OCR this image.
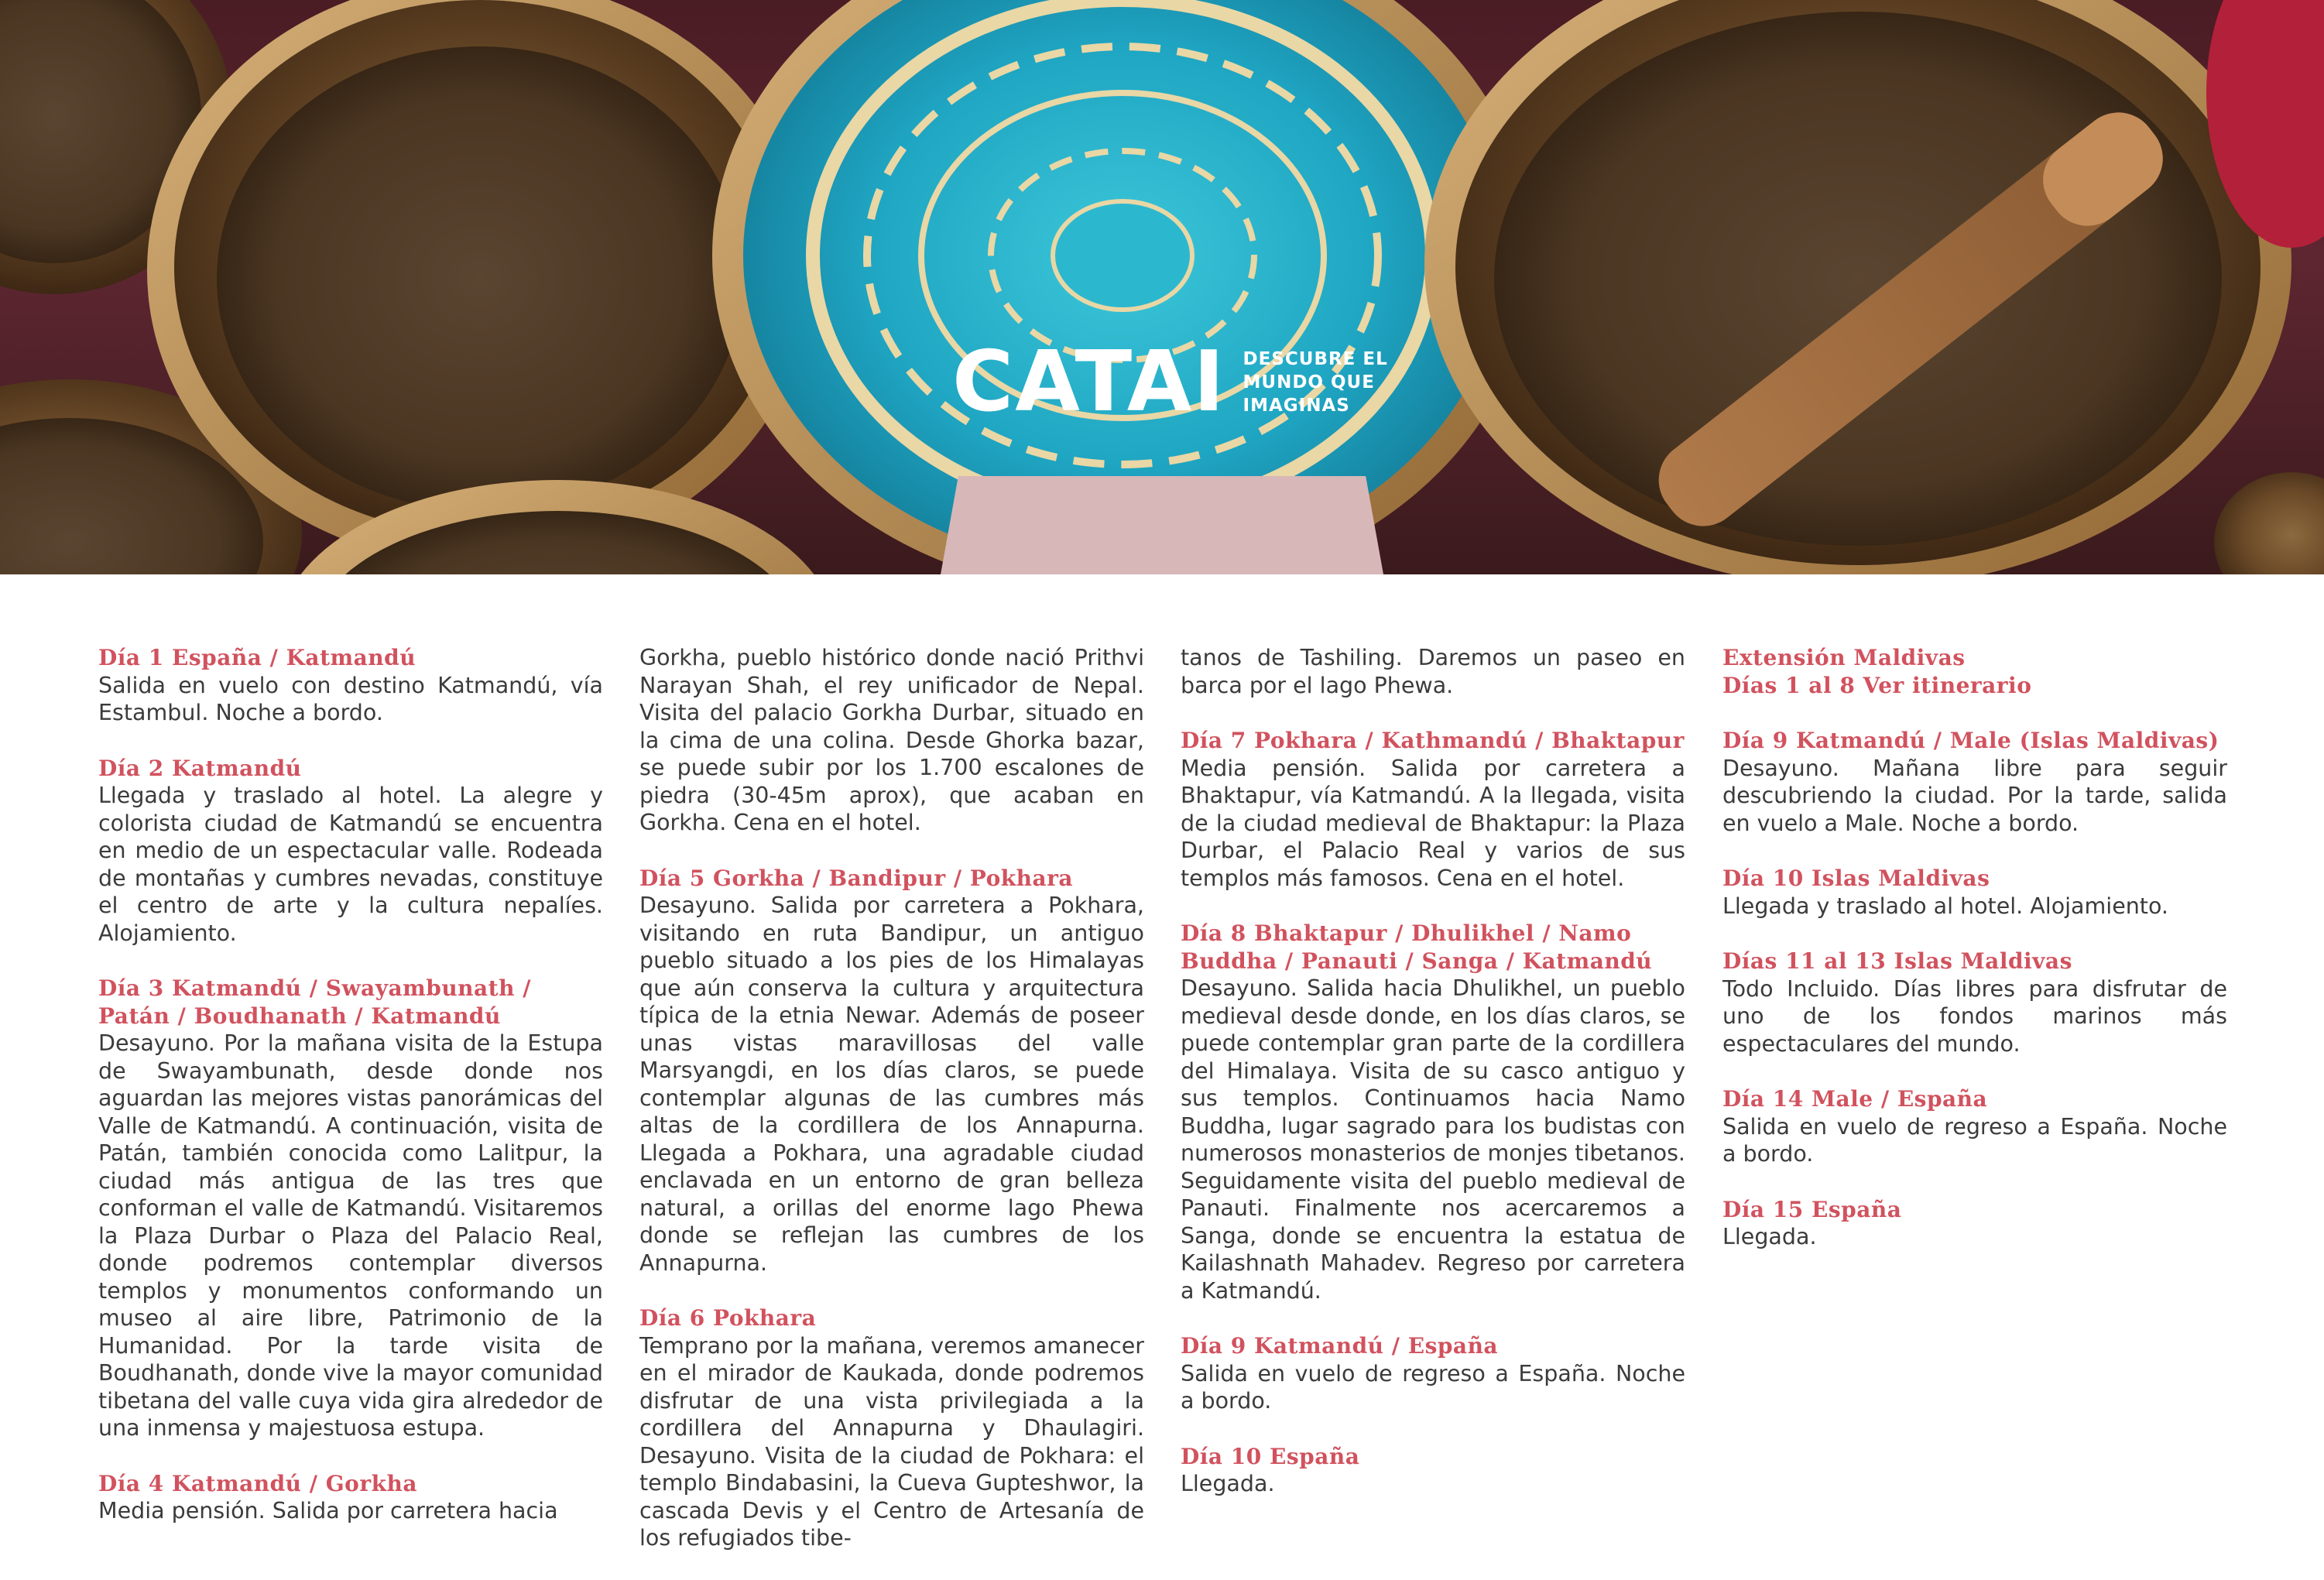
CATAI DESCUBRE EL MUNDO QUE IMAGINAS
Día 1 España / Katmandú

Salida en vuelo con destino Katmandú, vía Estambul. Noche a bordo.

Día 2 Katmandú

Llegada y traslado al hotel. La alegre y colorista ciudad de Katmandú se encuentra en medio de un espectacular valle. Rodeada de montañas y cumbres nevadas, constituye el centro de arte y la cultura nepalíes. Alojamiento.

Día 3 Katmandú / Swayambunath / Patán / Boudhanath / Katmandú

Desayuno. Por la mañana visita de la Estupa de Swayambunath, desde donde nos aguardan las mejores vistas panorámicas del Valle de Katmandú. A continuación, visita de Patán, también conocida como Lalitpur, la ciudad más antigua de las tres que conforman el valle de Katmandú. Visitaremos la Plaza Durbar o Plaza del Palacio Real, donde podremos contemplar diversos templos y monumentos conformando un museo al aire libre, Patrimonio de la Humanidad. Por la tarde visita de Boudhanath, donde vive la mayor comunidad tibetana del valle cuya vida gira alrededor de una inmensa y majestuosa estupa.

Día 4 Katmandú / Gorkha

Media pensión. Salida por carretera hacia

Gorkha, pueblo histórico donde nació Prithvi Narayan Shah, el rey unificador de Nepal. Visita del palacio Gorkha Durbar, situado en la cima de una colina. Desde Ghorka bazar, se puede subir por los 1.700 escalones de piedra (30-45m aprox), que acaban en Gorkha. Cena en el hotel.

Día 5 Gorkha / Bandipur / Pokhara

Desayuno. Salida por carretera a Pokhara, visitando en ruta Bandipur, un antiguo pueblo situado a los pies de los Himalayas que aún conserva la cultura y arquitectura típica de la etnia Newar. Además de poseer unas vistas maravillosas del valle Marsyangdi, en los días claros, se puede contemplar algunas de las cumbres más altas de la cordillera de los Annapurna. Llegada a Pokhara, una agradable ciudad enclavada en un entorno de gran belleza natural, a orillas del enorme lago Phewa donde se reflejan las cumbres de los Annapurna.

Día 6 Pokhara

Temprano por la mañana, veremos amanecer en el mirador de Kaukada, donde podremos disfrutar de una vista privilegiada a la cordillera del Annapurna y Dhaulagiri. Desayuno. Visita de la ciudad de Pokhara: el templo Bindabasini, la Cueva Gupteshwor, la cascada Devis y el Centro de Artesanía de los refugiados tibe-

tanos de Tashiling. Daremos un paseo en barca por el lago Phewa.

Día 7 Pokhara / Kathmandú / Bhaktapur

Media pensión. Salida por carretera a Bhaktapur, vía Katmandú. A la llegada, visita de la ciudad medieval de Bhaktapur: la Plaza Durbar, el Palacio Real y varios de sus templos más famosos. Cena en el hotel.

Día 8 Bhaktapur / Dhulikhel / Namo Buddha / Panauti / Sanga / Katmandú

Desayuno. Salida hacia Dhulikhel, un pueblo medieval desde donde, en los días claros, se puede contemplar gran parte de la cordillera del Himalaya. Visita de su casco antiguo y sus templos. Continuamos hacia Namo Buddha, lugar sagrado para los budistas con numerosos monasterios de monjes tibetanos. Seguidamente visita del pueblo medieval de Panauti. Finalmente nos acercaremos a Sanga, donde se encuentra la estatua de Kailashnath Mahadev. Regreso por carretera a Katmandú.

Día 9 Katmandú / España

Salida en vuelo de regreso a España. Noche a bordo.

Día 10 España

Llegada.

Extensión Maldivas
Días 1 al 8 Ver itinerario
Día 9 Katmandú / Male (Islas Maldivas)

Desayuno. Mañana libre para seguir descubriendo la ciudad. Por la tarde, salida en vuelo a Male. Noche a bordo.

Día 10 Islas Maldivas

Llegada y traslado al hotel. Alojamiento.

Días 11 al 13 Islas Maldivas

Todo Incluido. Días libres para disfrutar de uno de los fondos marinos más espectaculares del mundo.

Día 14 Male / España

Salida en vuelo de regreso a España. Noche a bordo.

Día 15 España

Llegada.
